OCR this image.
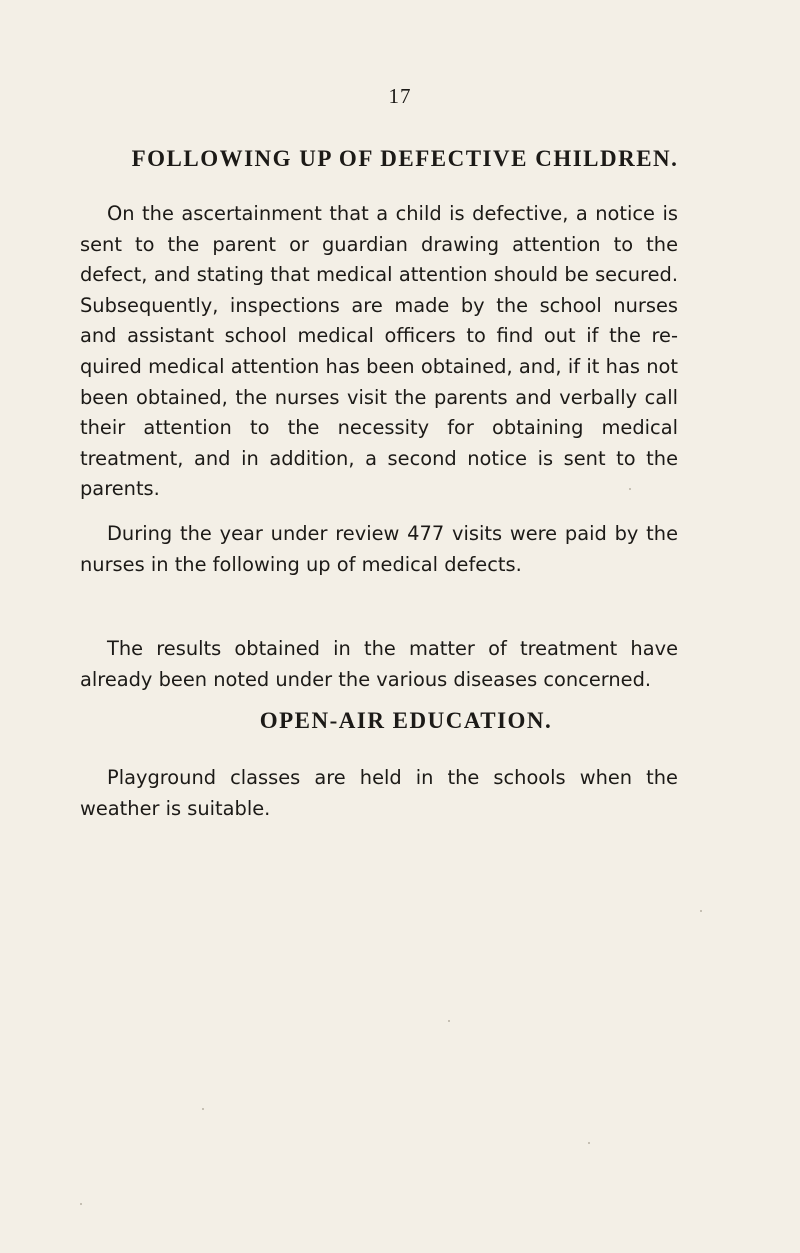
17
FOLLOWING UP OF DEFECTIVE CHILDREN.

On the ascertainment that a child is defective, a notice is sent to the parent or guardian drawing attention to the defect, and stating that medical attention should be secured. Subsequently, inspections are made by the school nurses and assistant school medical officers to find out if the re-quired medical attention has been obtained, and, if it has not been obtained, the nurses visit the parents and verbally call their attention to the necessity for obtaining medical treatment, and in addition, a second notice is sent to the parents.

During the year under review 477 visits were paid by the nurses in the following up of medical defects.

The results obtained in the matter of treatment have already been noted under the various diseases concerned.

OPEN-AIR EDUCATION.

Playground classes are held in the schools when the weather is suitable.
